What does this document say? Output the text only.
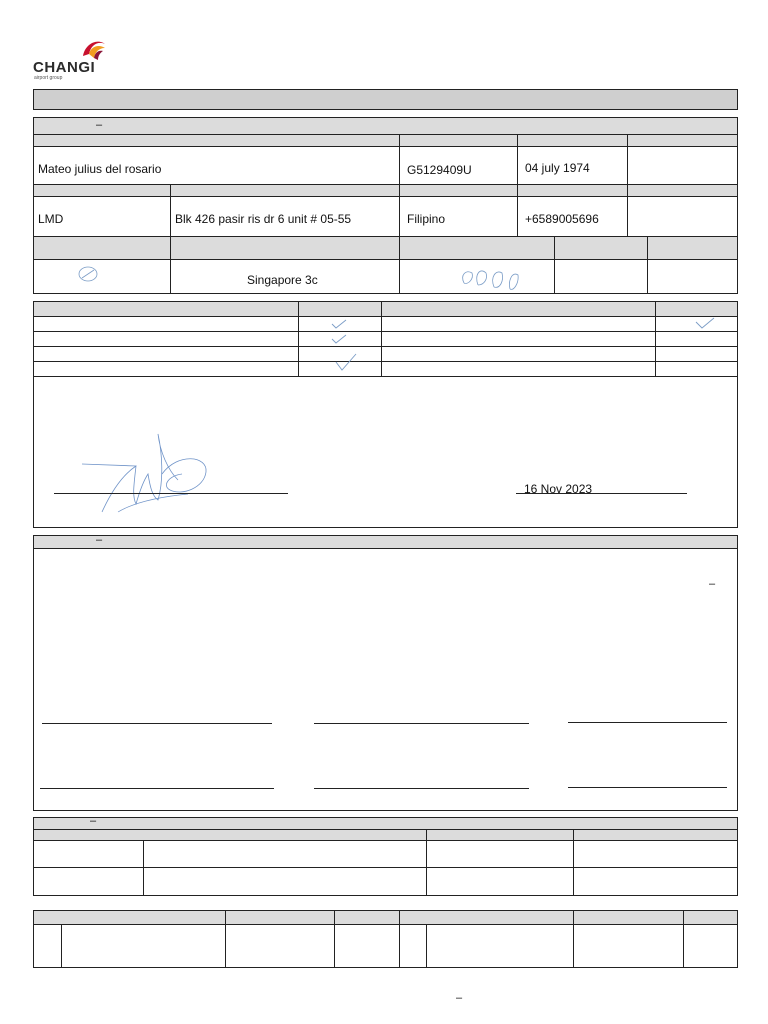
CHANGI
airport group
–
Mateo julius del rosario	G5129409U	04 july 1974
LMD	Blk 426 pasir ris dr 6 unit # 05-55	Filipino	+6589005696
Singapore 3c
16 Nov 2023
–
–
–
–
